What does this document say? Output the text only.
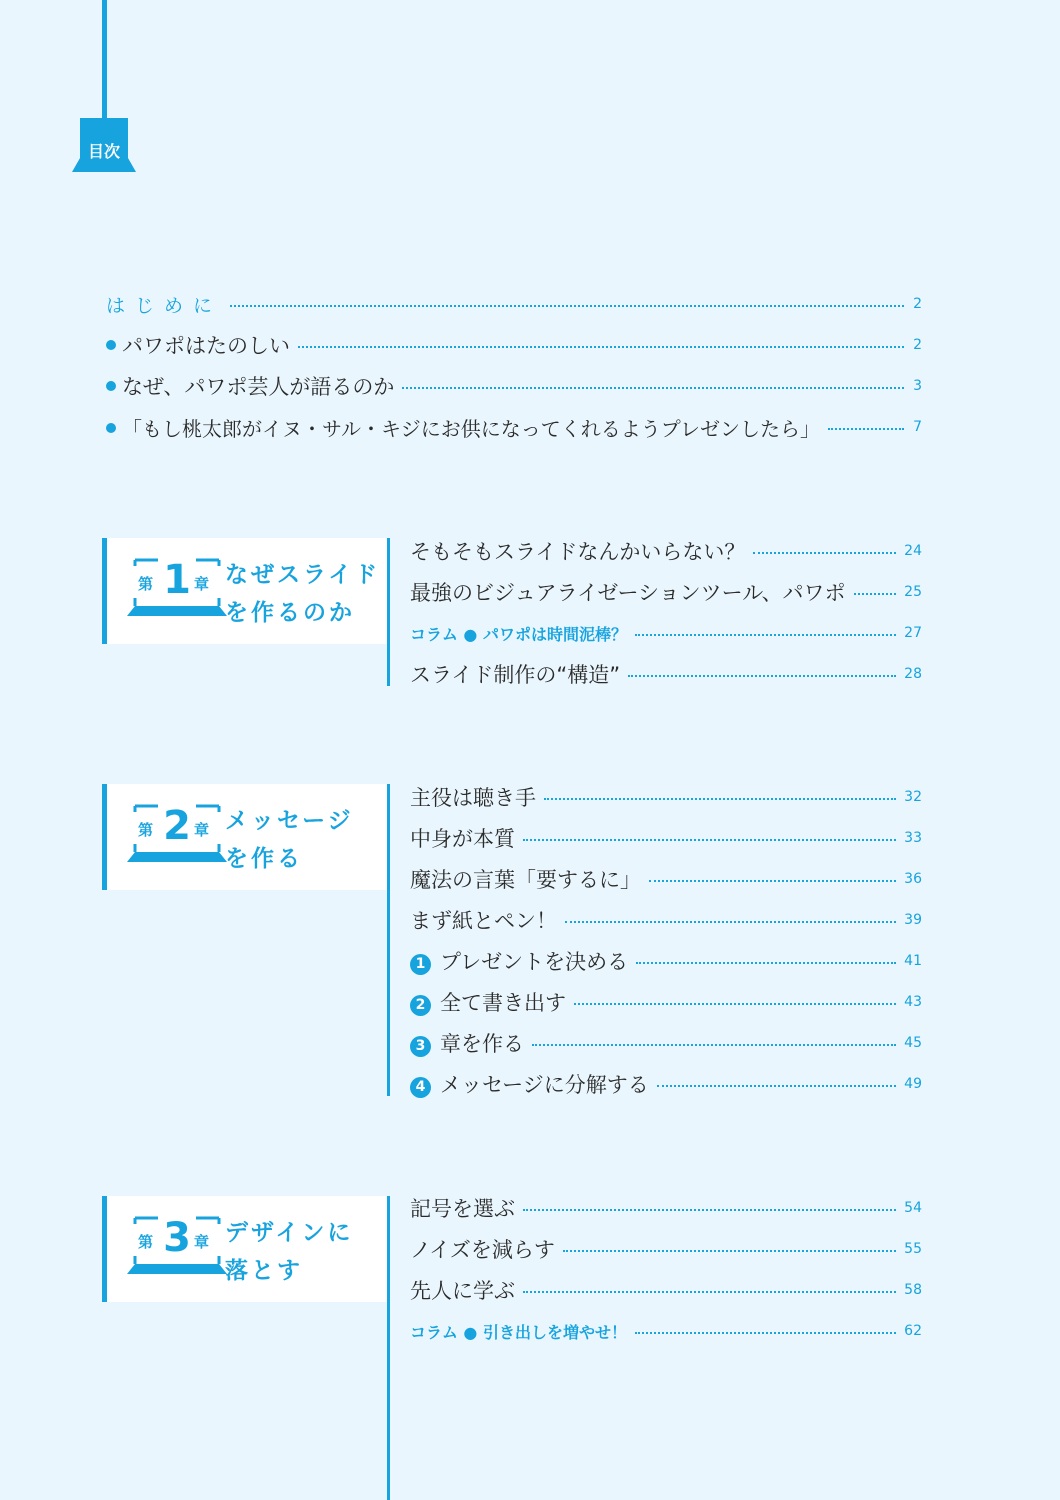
目次
はじめに	2
パワポはたのしい	2
なぜ、パワポ芸人が語るのか	3
「もし桃太郎がイヌ・サル・キジにお供になってくれるようプレゼンしたら」	7
第 1 章 なぜスライド
を作るのか
そもそもスライドなんかいらない？	24
最強のビジュアライゼーションツール、パワポ	25
コラム ● パワポは時間泥棒？	27
スライド制作の“構造”	28
第 2 章 メッセージ
を作る
主役は聴き手	32
中身が本質	33
魔法の言葉「要するに」	36
まず紙とペン！	39
1 プレゼントを決める	41
2 全て書き出す	43
3 章を作る	45
4 メッセージに分解する	49
第 3 章 デザインに
落とす
記号を選ぶ	54
ノイズを減らす	55
先人に学ぶ	58
コラム ● 引き出しを増やせ！	62
